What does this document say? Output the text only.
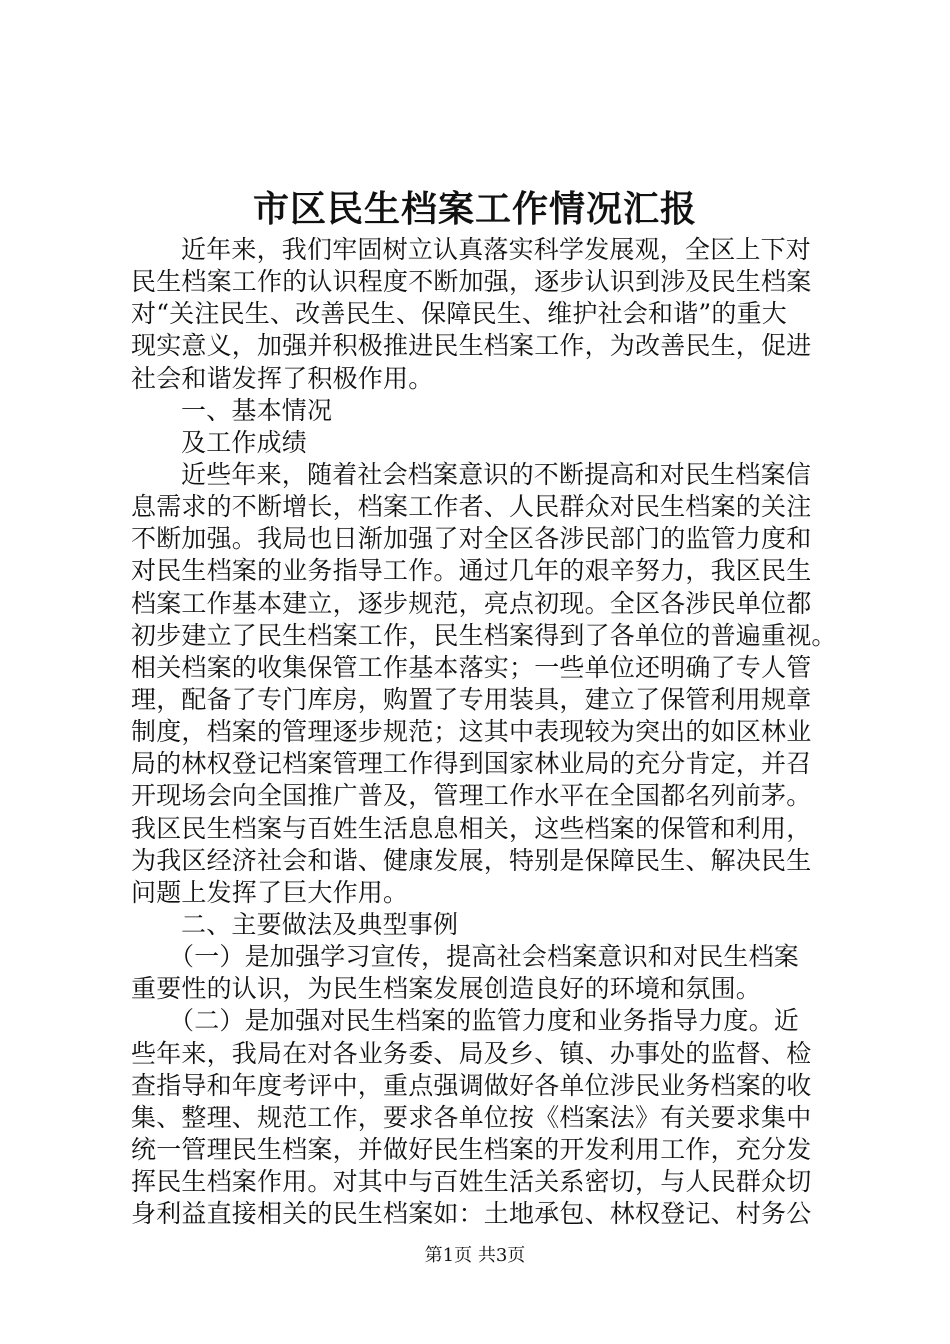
市区民生档案工作情况汇报
近年来，我们牢固树立认真落实科学发展观，全区上下对
民生档案工作的认识程度不断加强，逐步认识到涉及民生档案
对“关注民生、改善民生、保障民生、维护社会和谐”的重大
现实意义，加强并积极推进民生档案工作，为改善民生，促进
社会和谐发挥了积极作用。
一、基本情况
及工作成绩
近些年来，随着社会档案意识的不断提高和对民生档案信
息需求的不断增长，档案工作者、人民群众对民生档案的关注
不断加强。我局也日渐加强了对全区各涉民部门的监管力度和
对民生档案的业务指导工作。通过几年的艰辛努力，我区民生
档案工作基本建立，逐步规范，亮点初现。全区各涉民单位都
初步建立了民生档案工作，民生档案得到了各单位的普遍重视。
相关档案的收集保管工作基本落实；一些单位还明确了专人管
理，配备了专门库房，购置了专用装具，建立了保管利用规章
制度，档案的管理逐步规范；这其中表现较为突出的如区林业
局的林权登记档案管理工作得到国家林业局的充分肯定，并召
开现场会向全国推广普及，管理工作水平在全国都名列前茅。
我区民生档案与百姓生活息息相关，这些档案的保管和利用，
为我区经济社会和谐、健康发展，特别是保障民生、解决民生
问题上发挥了巨大作用。
二、主要做法及典型事例
（一）是加强学习宣传，提高社会档案意识和对民生档案
重要性的认识，为民生档案发展创造良好的环境和氛围。
（二）是加强对民生档案的监管力度和业务指导力度。近
些年来，我局在对各业务委、局及乡、镇、办事处的监督、检
查指导和年度考评中，重点强调做好各单位涉民业务档案的收
集、整理、规范工作，要求各单位按《档案法》有关要求集中
统一管理民生档案，并做好民生档案的开发利用工作，充分发
挥民生档案作用。对其中与百姓生活关系密切，与人民群众切
身利益直接相关的民生档案如：土地承包、林权登记、村务公
第1页 共3页
